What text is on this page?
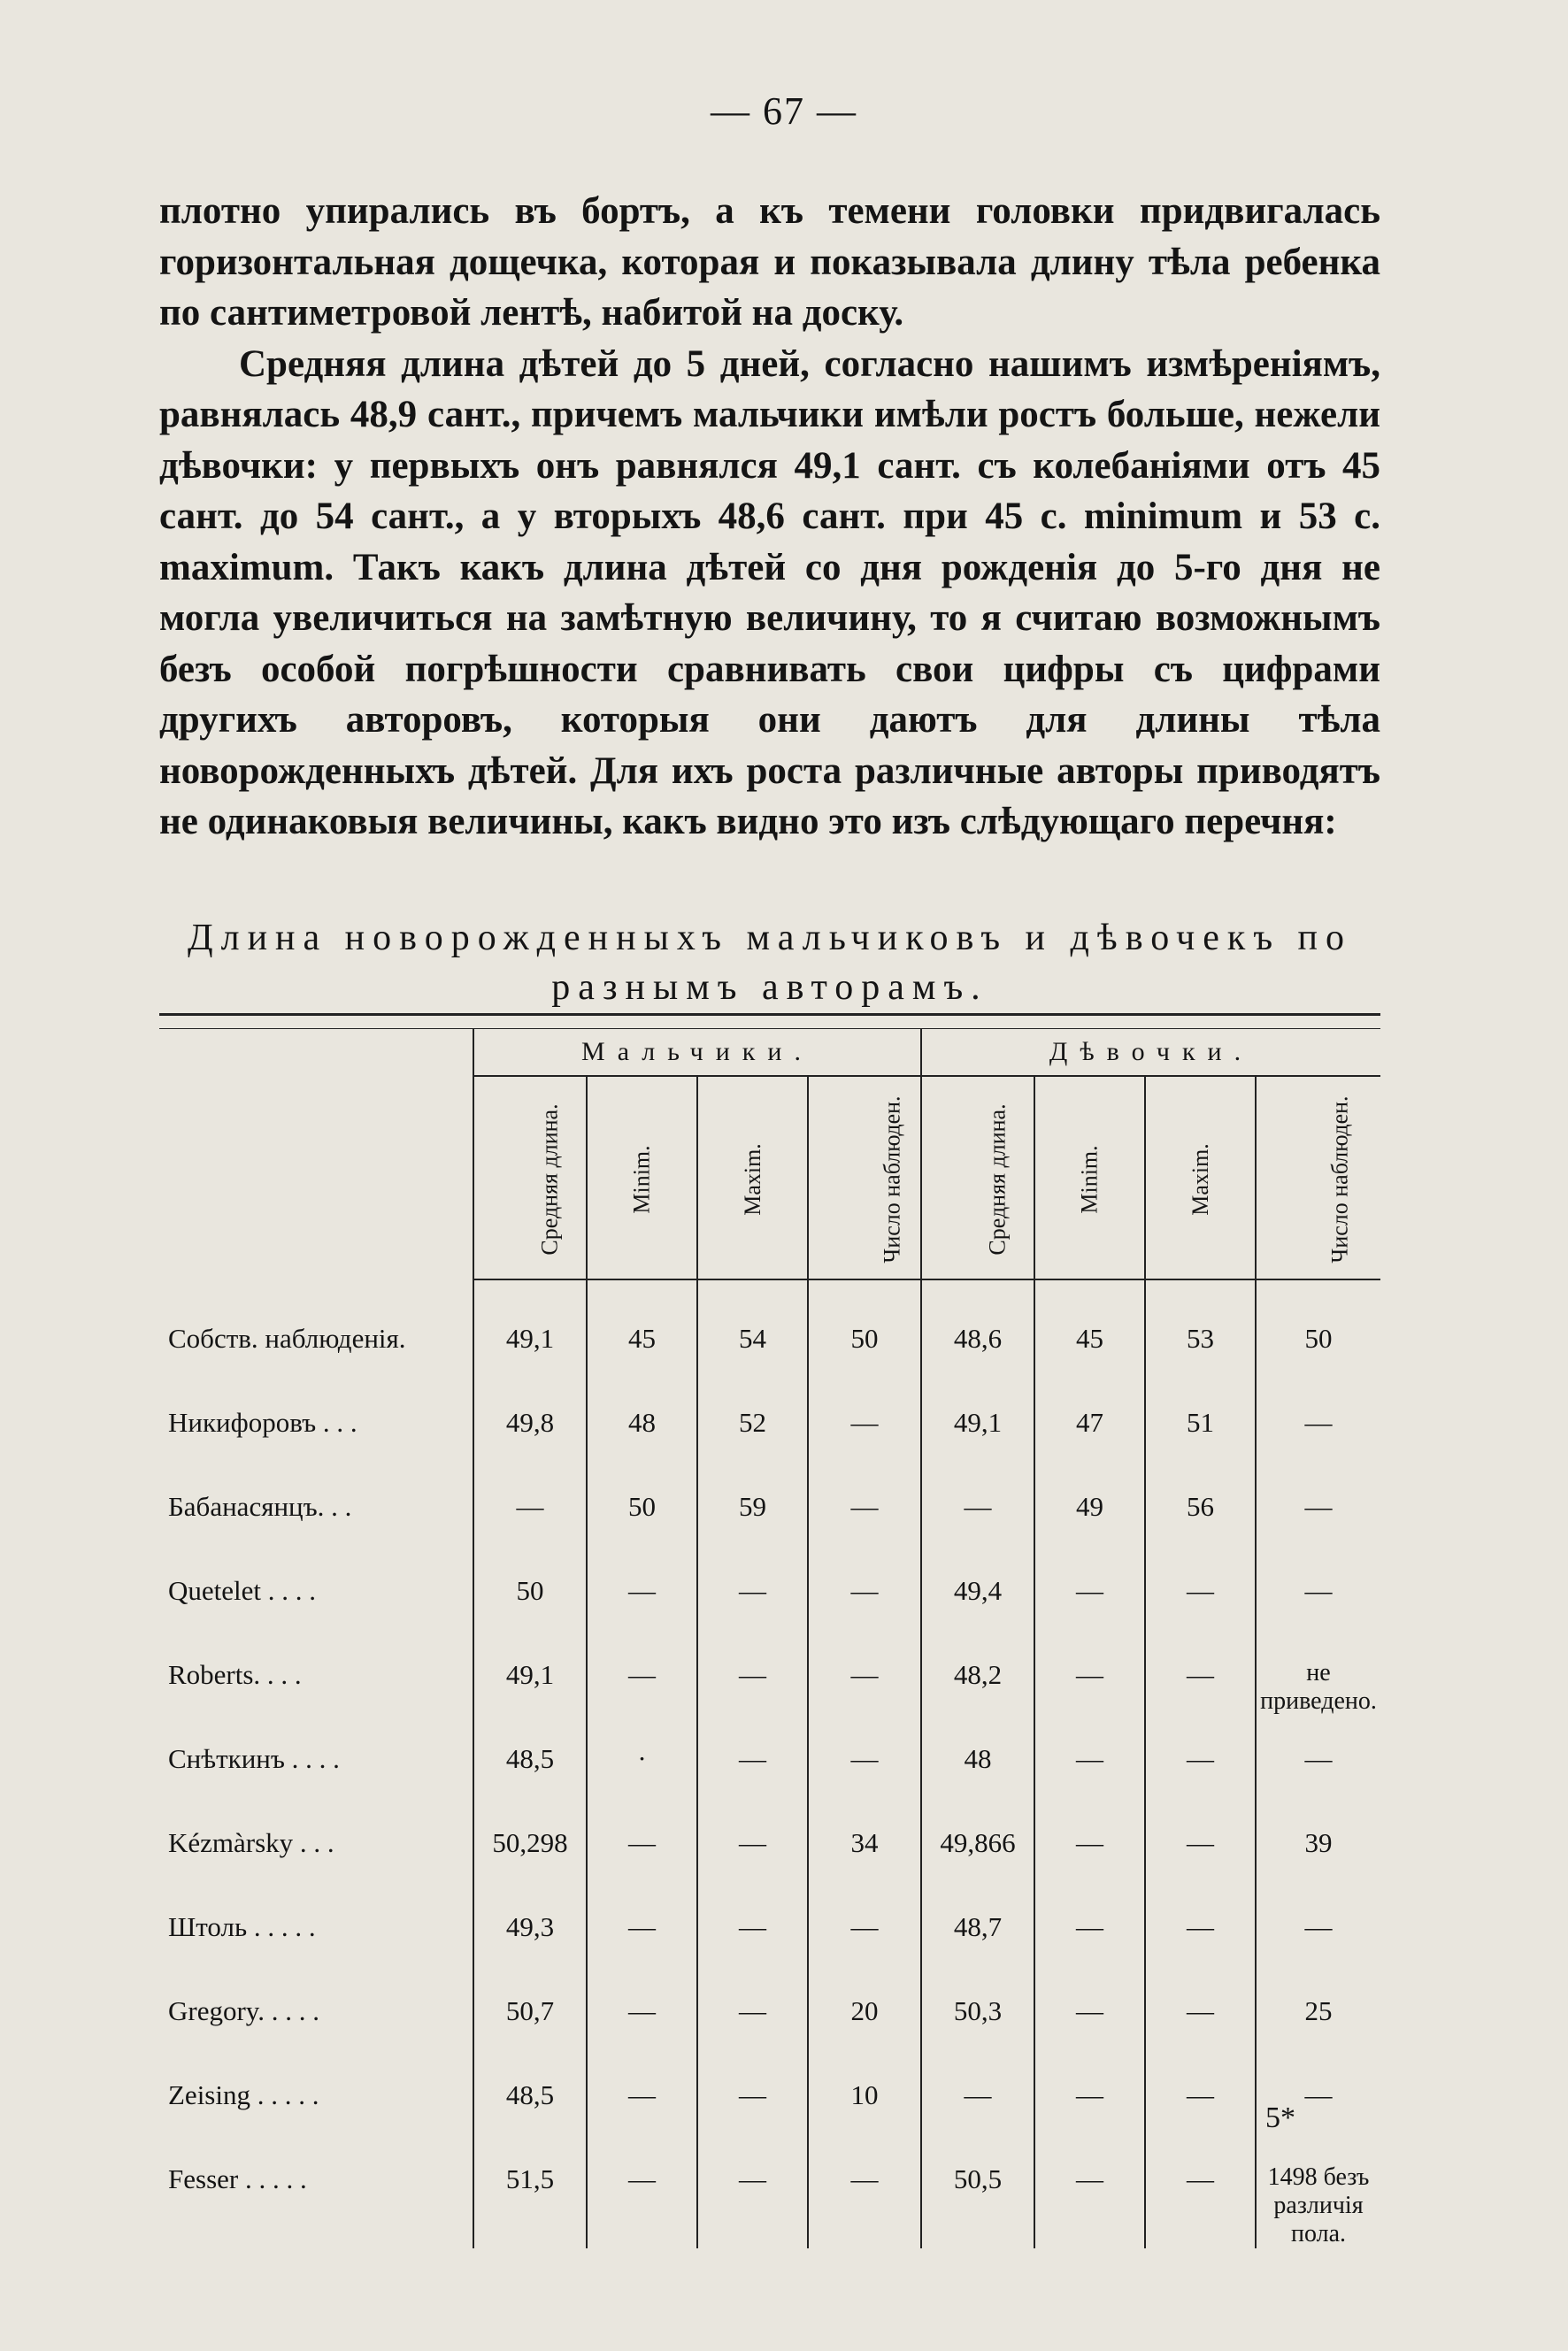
— 67 —

плотно упирались въ бортъ, а къ темени головки придвигалась горизонтальная дощечка, которая и показывала длину тѣла ребенка по сантиметровой лентѣ, набитой на доску.

Средняя длина дѣтей до 5 дней, согласно нашимъ измѣреніямъ, равнялась 48,9 сант., причемъ мальчики имѣли ростъ больше, нежели дѣвочки: у первыхъ онъ равнялся 49,1 сант. съ колебаніями отъ 45 сант. до 54 сант., а у вторыхъ 48,6 сант. при 45 с. minimum и 53 с. maximum. Такъ какъ длина дѣтей со дня рожденія до 5-го дня не могла увеличиться на замѣтную величину, то я считаю возможнымъ безъ особой погрѣшности сравнивать свои цифры съ цифрами другихъ авторовъ, которыя они даютъ для длины тѣла новорожденныхъ дѣтей. Для ихъ роста различные авторы приводятъ не одинаковыя величины, какъ видно это изъ слѣдующаго перечня:

Длина новорожденныхъ мальчиковъ и дѣвочекъ по
разнымъ авторамъ.

	Мальчики.				Дѣвочки.			
	Средняя длина.	Minim.	Maxim.	Число наблюден.	Средняя длина.	Minim.	Maxim.	Число наблюден.

Собств. наблюденія.	49,1	45	54	50	48,6	45	53	50
Никифоровъ . . .	49,8	48	52	—	49,1	47	51	—
Бабанасянцъ. . .	—	50	59	—	—	49	56	—
Quetelet . . . .	50	—	—	—	49,4	—	—	—
Roberts. . . .	49,1	—	—	—	48,2	—	—	не приведено.

Снѣткинъ . . . .	48,5	·	—	—	48	—	—	—
Kézmàrsky . . .	50,298	—	—	34	49,866	—	—	39
Штоль . . . . .	49,3	—	—	—	48,7	—	—	—
Gregory. . . . .	50,7	—	—	20	50,3	—	—	25
Zeising . . . . .	48,5	—	—	10	—	—	—	—
Fesser . . . . .	51,5	—	—	—	50,5	—	—	1498 безъ различія пола.
5*
